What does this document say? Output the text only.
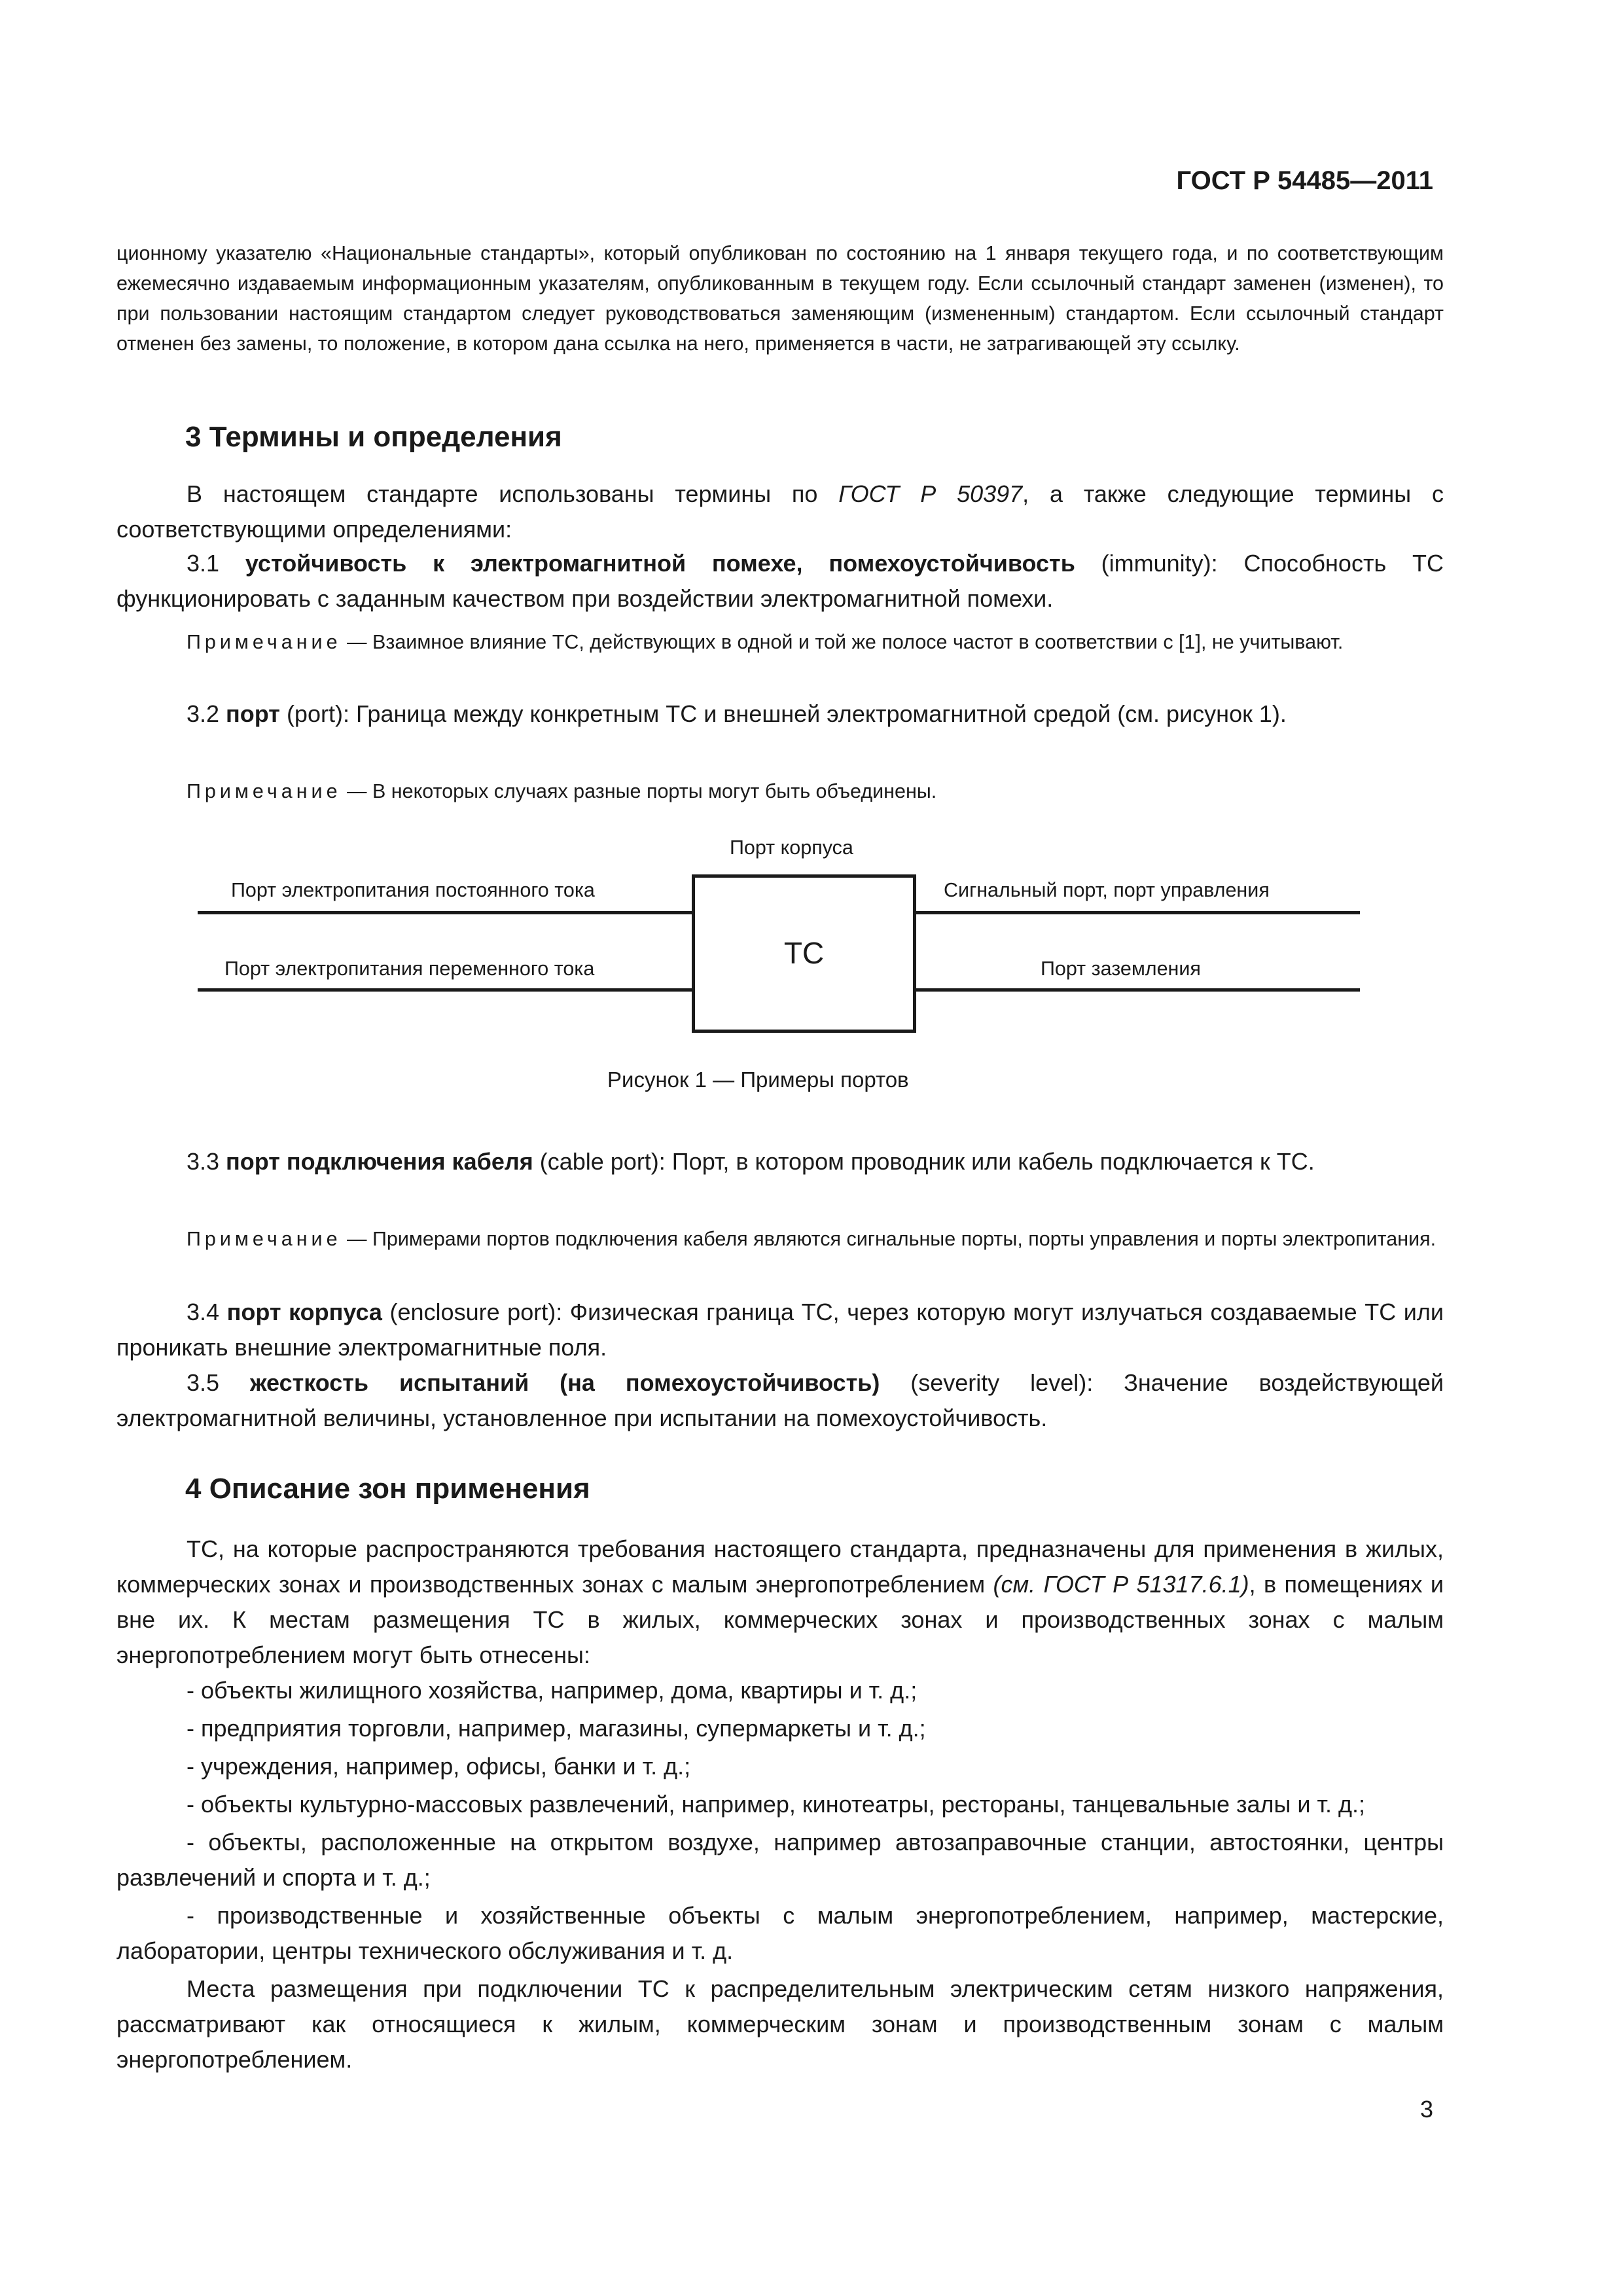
ГОСТ Р 54485—2011

ционному указателю «Национальные стандарты», который опубликован по состоянию на 1 января текущего года, и по соответствующим ежемесячно издаваемым информационным указателям, опубликованным в текущем году. Если ссылочный стандарт заменен (изменен), то при пользовании настоящим стандартом следует руководствоваться заменяющим (измененным) стандартом. Если ссылочный стандарт отменен без замены, то положение, в котором дана ссылка на него, применяется в части, не затрагивающей эту ссылку.

3 Термины и определения

В настоящем стандарте использованы термины по ГОСТ Р 50397, а также следующие термины с соответствующими определениями:

3.1 устойчивость к электромагнитной помехе, помехоустойчивость (immunity): Способность ТС функционировать с заданным качеством при воздействии электромагнитной помехи.

Примечание — Взаимное влияние ТС, действующих в одной и той же полосе частот в соответствии с [1], не учитывают.

3.2 порт (port): Граница между конкретным ТС и внешней электромагнитной средой (см. рисунок 1).

Примечание — В некоторых случаях разные порты могут быть объединены.

Порт корпуса
Порт электропитания постоянного тока	Сигнальный порт, порт управления
ТС
Порт электропитания переменного тока	Порт заземления
Рисунок 1 — Примеры портов

3.3 порт подключения кабеля (cable port): Порт, в котором проводник или кабель подключается к ТС.

Примечание — Примерами портов подключения кабеля являются сигнальные порты, порты управления и порты электропитания.

3.4 порт корпуса (enclosure port): Физическая граница ТС, через которую могут излучаться создаваемые ТС или проникать внешние электромагнитные поля.

3.5 жесткость испытаний (на помехоустойчивость) (severity level): Значение воздействующей электромагнитной величины, установленное при испытании на помехоустойчивость.

4 Описание зон применения

ТС, на которые распространяются требования настоящего стандарта, предназначены для применения в жилых, коммерческих зонах и производственных зонах с малым энергопотреблением (см. ГОСТ Р 51317.6.1), в помещениях и вне их. К местам размещения ТС в жилых, коммерческих зонах и производственных зонах с малым энергопотреблением могут быть отнесены:

- объекты жилищного хозяйства, например, дома, квартиры и т. д.;

- предприятия торговли, например, магазины, супермаркеты и т. д.;

- учреждения, например, офисы, банки и т. д.;

- объекты культурно-массовых развлечений, например, кинотеатры, рестораны, танцевальные залы и т. д.;

- объекты, расположенные на открытом воздухе, например автозаправочные станции, автостоянки, центры развлечений и спорта и т. д.;

- производственные и хозяйственные объекты с малым энергопотреблением, например, мастерские, лаборатории, центры технического обслуживания и т. д.

Места размещения при подключении ТС к распределительным электрическим сетям низкого напряжения, рассматривают как относящиеся к жилым, коммерческим зонам и производственным зонам с малым энергопотреблением.

3
